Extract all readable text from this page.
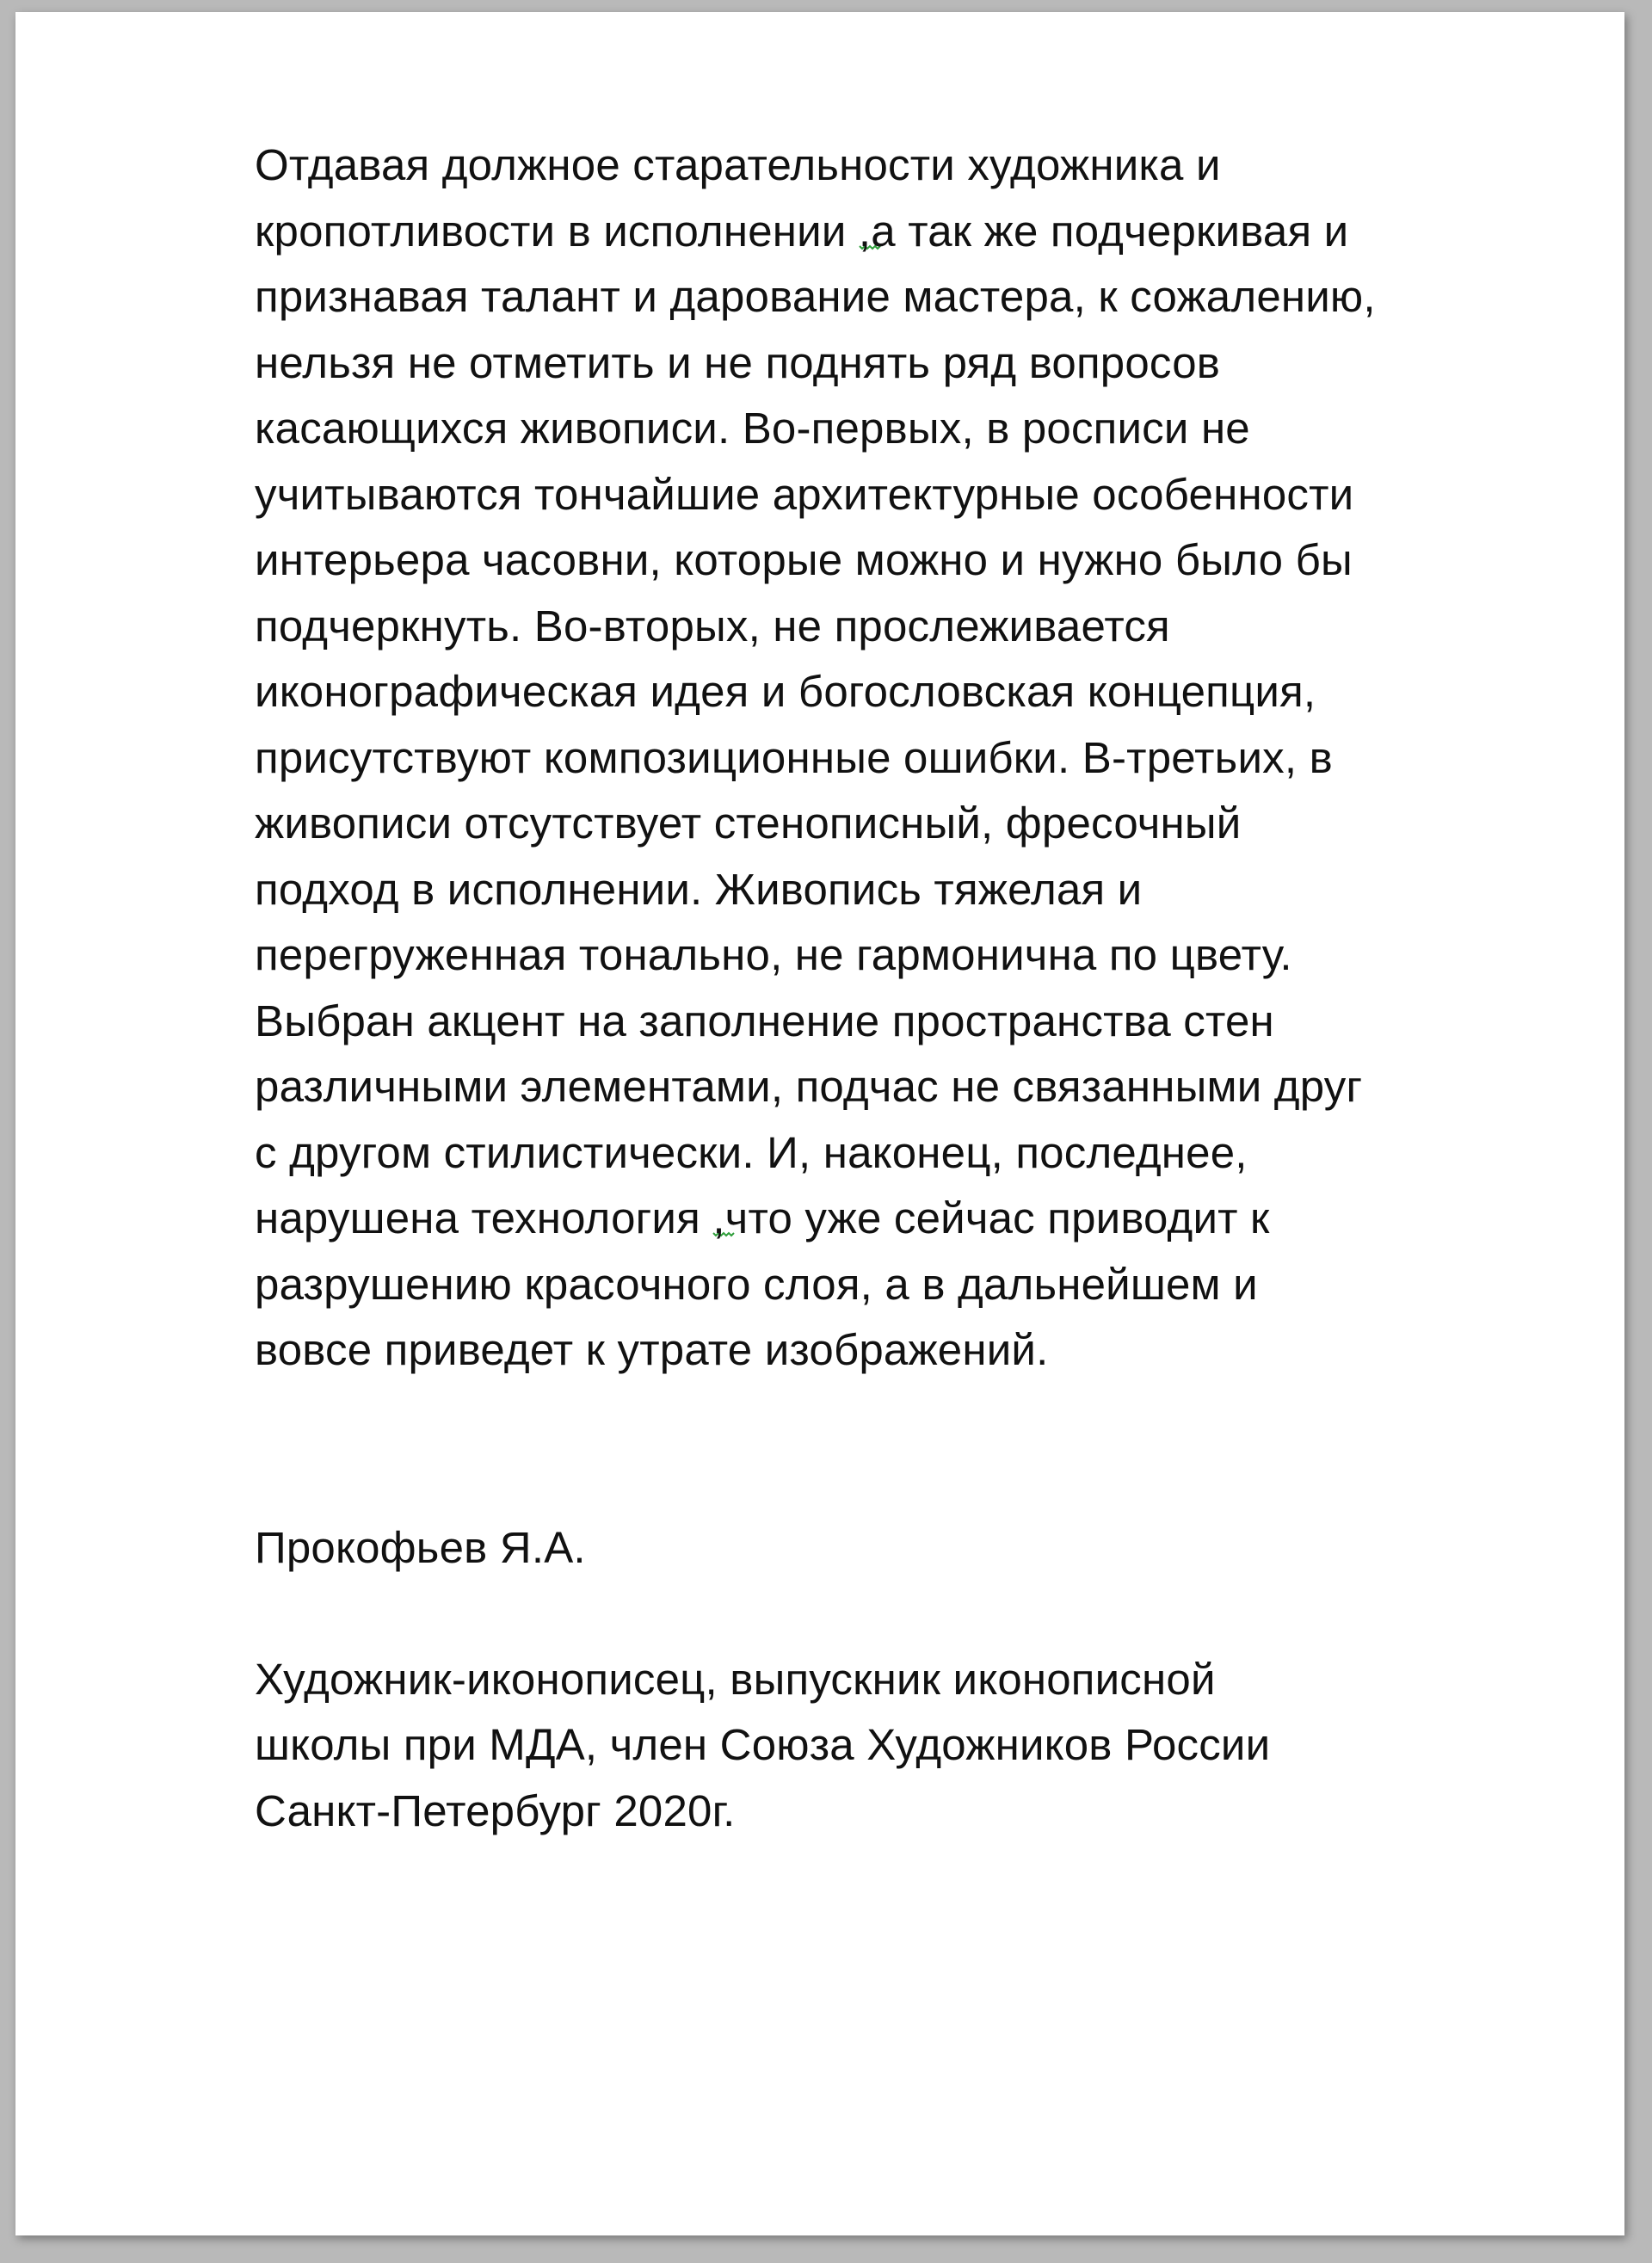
Отдавая должное старательности художника и
кропотливости в исполнении
,а так же подчеркивая и
признавая талант и дарование мастера, к сожалению,
нельзя не отметить и не поднять ряд вопросов
касающихся живописи. Во-первых, в росписи не
учитываются тончайшие архитектурные особенности
интерьера часовни, которые можно и нужно было бы
подчеркнуть. Во-вторых, не прослеживается
иконографическая идея и богословская концепция,
присутствуют композиционные ошибки. В-третьих, в
живописи отсутствует стенописный, фресочный
подход в исполнении. Живопись тяжелая и
перегруженная тонально, не гармонична по цвету.
Выбран акцент на заполнение пространства стен
различными элементами, подчас не связанными друг
с другом стилистически. И, наконец, последнее,
нарушена технология
,что уже сейчас приводит к
разрушению красочного слоя, а в дальнейшем и
вовсе приведет к утрате изображений.
Прокофьев Я.А.
Художник-иконописец, выпускник иконописной
школы при МДА, член Союза Художников России
Санкт-Петербург 2020г.
